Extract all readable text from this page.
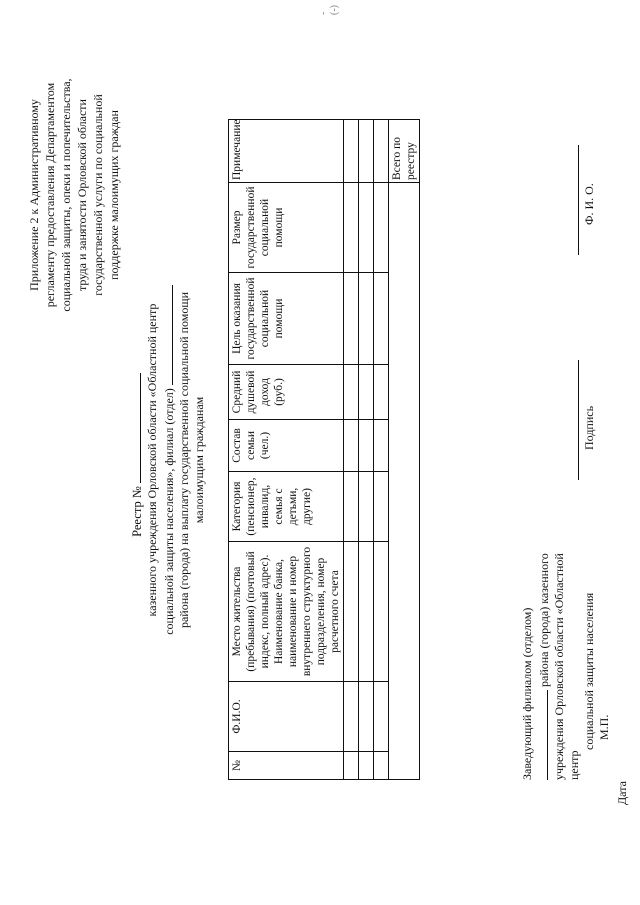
Приложение 2 к Административному регламенту предоставления Департаментом социальной защиты, опеки и попечительства, труда и занятости Орловской области государственной услуги по социальной поддержке малоимущих граждан
Реестр № казенного учреждения Орловской области «Областной центр социальной защиты населения», филиал (отдел) района (города) на выплату государственной социальной помощи малоимущим гражданам
№	Ф.И.О.	Место жительства (пребывания) (почтовый индекс, полный адрес). Наименование банка, наименование и номер внутреннего структурного подразделения, номер расчетного счета	Категория (пенсионер, инвалид, семья с детьми, другие)	Состав семьи (чел.)	Средний душевой доход (руб.)	Цель оказания государственной социальной помощи	Размер государственной социальной помощи	Примечание

								Всего по реестру
Заведующий филиалом (отделом) района (города) казенного учреждения Орловской области «Областной центр
социальной защиты населения М.П.
Подпись
Ф. И. О.
Дата
- (-)
